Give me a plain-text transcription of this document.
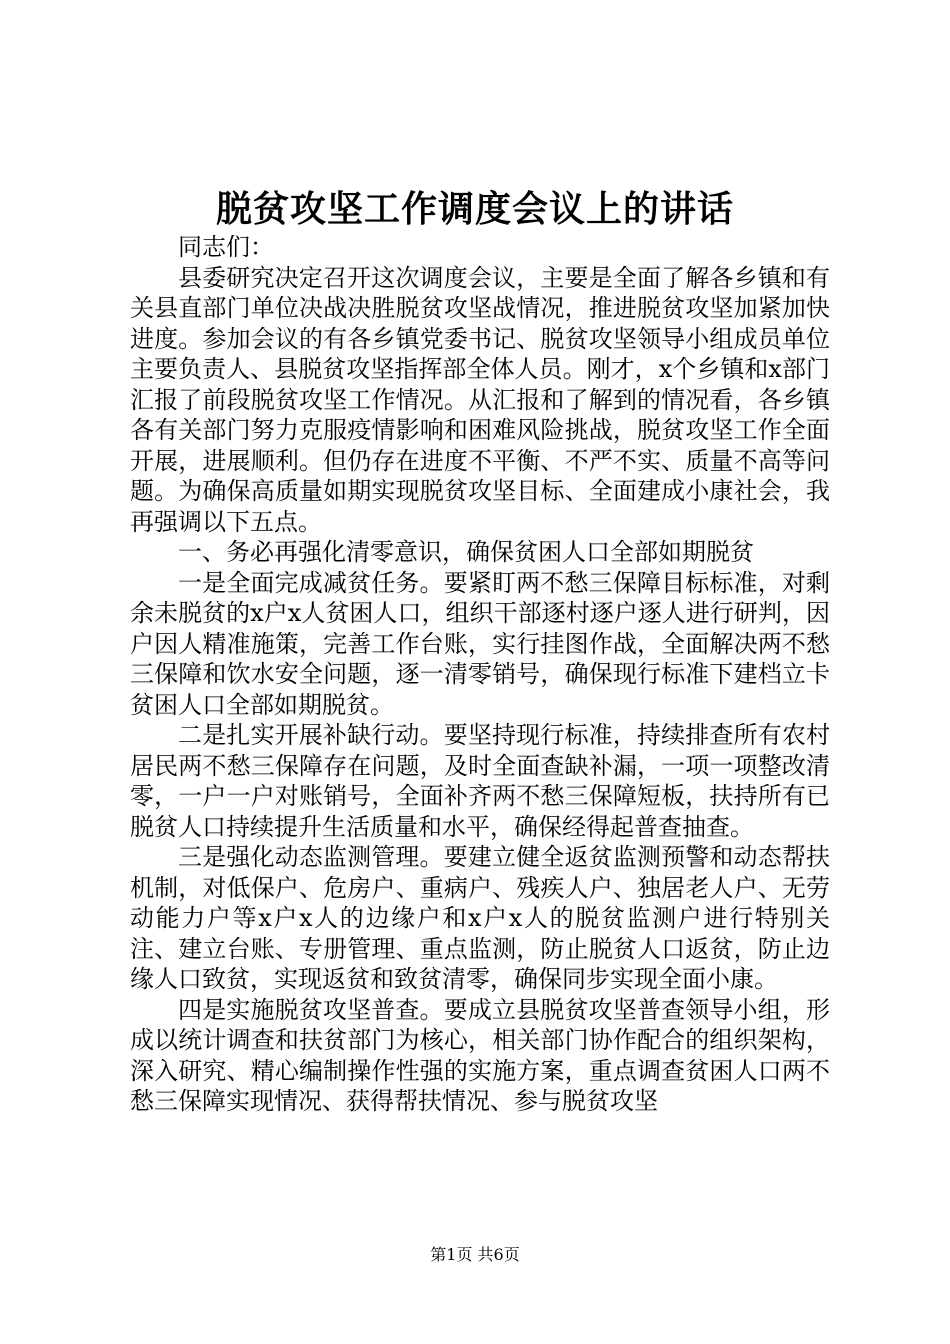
脱贫攻坚工作调度会议上的讲话

同志们：

县委研究决定召开这次调度会议，主要是全面了解各乡镇和有关县直部门单位决战决胜脱贫攻坚战情况，推进脱贫攻坚加紧加快进度。参加会议的有各乡镇党委书记、脱贫攻坚领导小组成员单位主要负责人、县脱贫攻坚指挥部全体人员。刚才，x个乡镇和x部门汇报了前段脱贫攻坚工作情况。从汇报和了解到的情况看，各乡镇各有关部门努力克服疫情影响和困难风险挑战，脱贫攻坚工作全面开展，进展顺利。但仍存在进度不平衡、不严不实、质量不高等问题。为确保高质量如期实现脱贫攻坚目标、全面建成小康社会，我再强调以下五点。

一、务必再强化清零意识，确保贫困人口全部如期脱贫

一是全面完成减贫任务。要紧盯两不愁三保障目标标准，对剩余未脱贫的x户x人贫困人口，组织干部逐村逐户逐人进行研判，因户因人精准施策，完善工作台账，实行挂图作战，全面解决两不愁三保障和饮水安全问题，逐一清零销号，确保现行标准下建档立卡贫困人口全部如期脱贫。

二是扎实开展补缺行动。要坚持现行标准，持续排查所有农村居民两不愁三保障存在问题，及时全面查缺补漏，一项一项整改清零，一户一户对账销号，全面补齐两不愁三保障短板，扶持所有已脱贫人口持续提升生活质量和水平，确保经得起普查抽查。

三是强化动态监测管理。要建立健全返贫监测预警和动态帮扶机制，对低保户、危房户、重病户、残疾人户、独居老人户、无劳动能力户等x户x人的边缘户和x户x人的脱贫监测户进行特别关注、建立台账、专册管理、重点监测，防止脱贫人口返贫，防止边缘人口致贫，实现返贫和致贫清零，确保同步实现全面小康。

四是实施脱贫攻坚普查。要成立县脱贫攻坚普查领导小组，形成以统计调查和扶贫部门为核心，相关部门协作配合的组织架构，深入研究、精心编制操作性强的实施方案，重点调查贫困人口两不愁三保障实现情况、获得帮扶情况、参与脱贫攻坚

第1页 共6页
